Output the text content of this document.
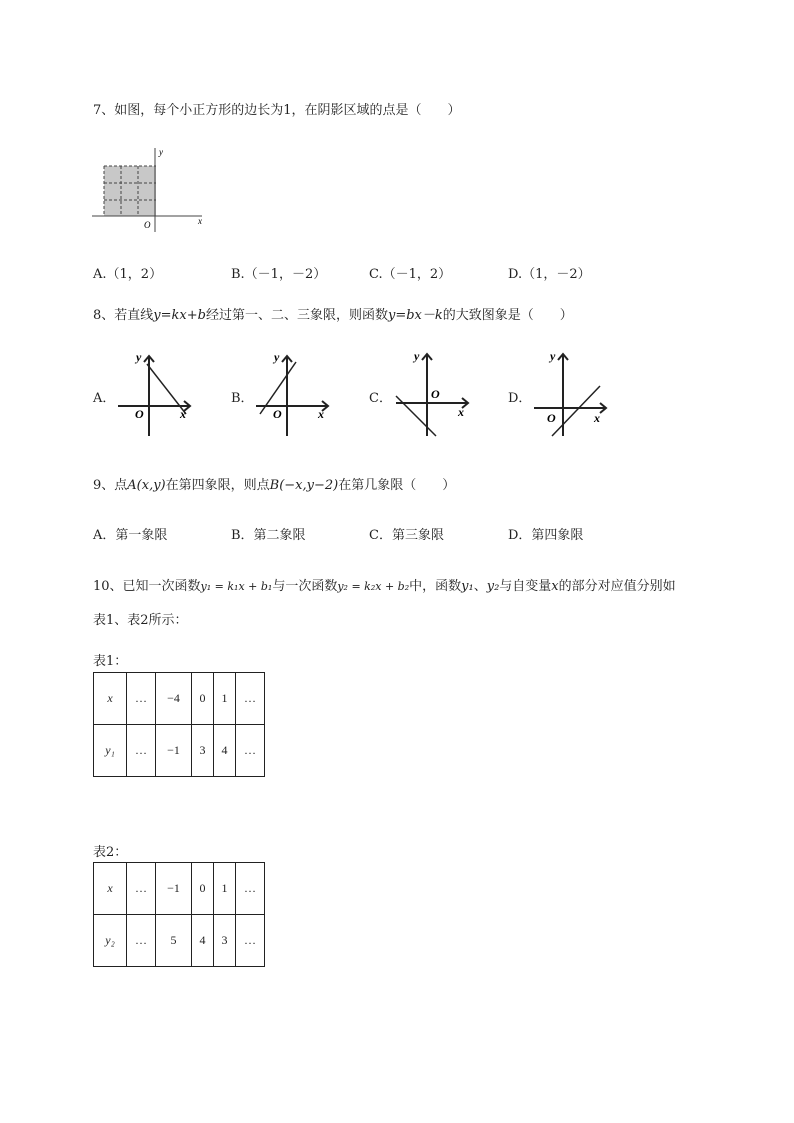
7、如图，每个小正方形的边长为1，在阴影区域的点是（　　）
y
x
O
A.（1，2）	B.（－1，－2）	C.（－1，2）	D.（1，－2）
8、若直线y=kx+b经过第一、二、三象限，则函数y=bx－k的大致图象是（　　）
A．
y
x
O
B．
y
x
O
C．
y
x
O	D．
y
x
O
9、点A(x,y)在第四象限，则点B(−x,y−2)在第几象限（　　）
A．第一象限	B．第二象限	C．第三象限	D．第四象限
10、已知一次函数y₁ = k₁x + b₁与一次函数y₂ = k₂x + b₂中，函数y₁、y₂与自变量x的部分对应值分别如
表1、表2所示：
表1：
x	…	−4	0	1	…
y₁	…	−1	3	4	…
表2：
x	…	−1	0	1	…
y₂	…	5	4	3	…
